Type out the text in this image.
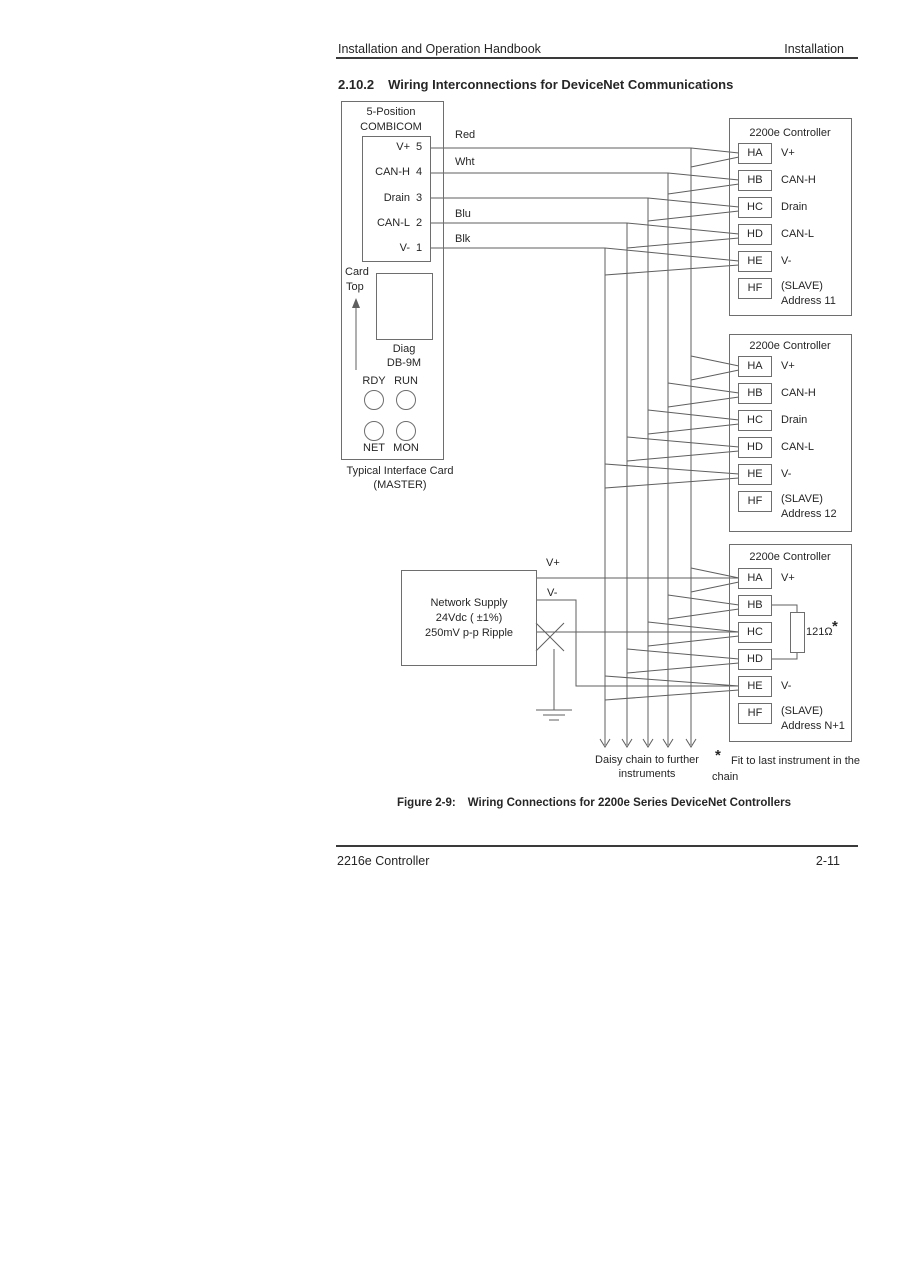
Installation and Operation Handbook	Installation
2.10.2 Wiring Interconnections for DeviceNet Communications
5-Position
COMBICOM
V+ 5
CAN-H 4
Drain 3
CAN-L 2
V- 1
Red
Wht
Blu
Blk
Card
Top
Diag
DB-9M
RDY RUN
NET MON
Typical Interface Card
(MASTER)
2200e Controller
HA
HB
HC
HD
HE
HF
V+
CAN-H
Drain
CAN-L
V-
(SLAVE)
Address 11
2200e Controller
HA
HB
HC
HD
HE
HF
V+
CAN-H
Drain
CAN-L
V-
(SLAVE)
Address 12
2200e Controller
HA
HB
HC
HD
HE
HF
V+
V-
(SLAVE)
Address N+1
121Ω *
Network Supply
24Vdc ( ±1%)
250mV p-p Ripple
V+
V-
Daisy chain to further
instruments
* Fit to last instrument in the
chain
Figure 2-9: Wiring Connections for 2200e Series DeviceNet Controllers
2216e Controller	2-11
